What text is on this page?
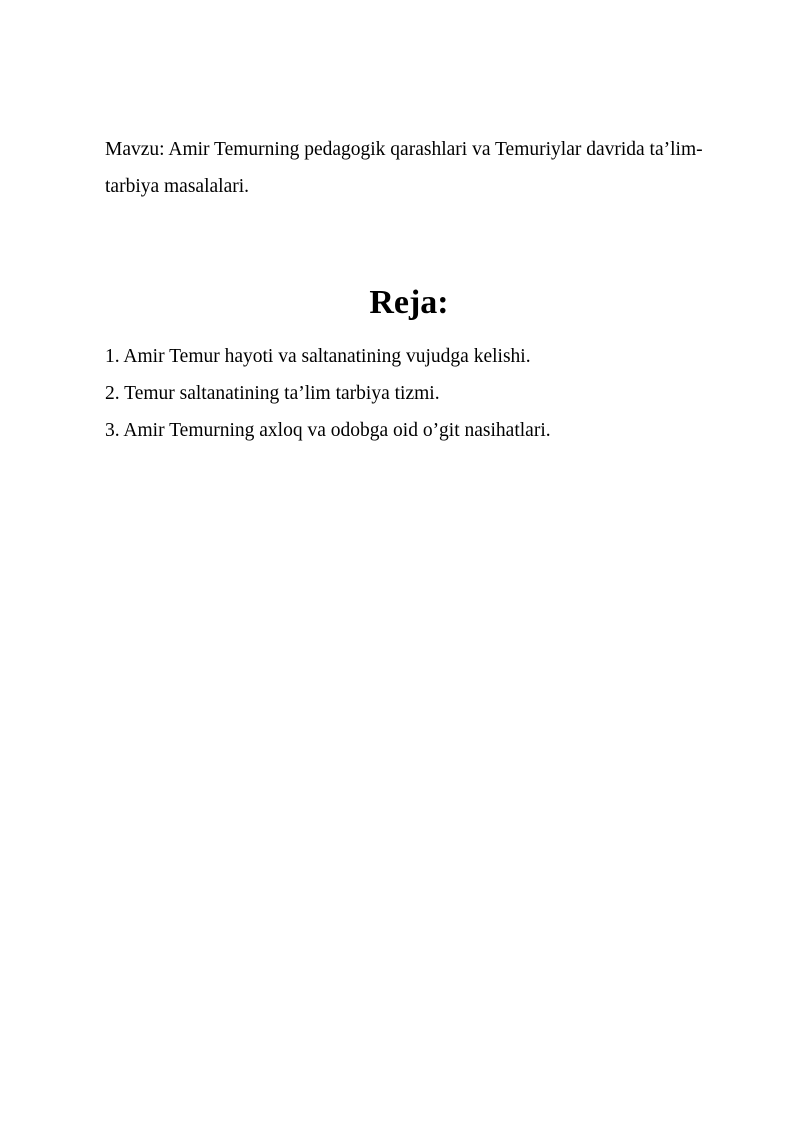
Mavzu: Amir Temurning pedagogik qarashlari va Temuriylar davrida ta’lim-tarbiya masalalari.

Reja:
1. Amir Temur hayoti va saltanatining vujudga kelishi.
2. Temur saltanatining ta’lim tarbiya tizmi.
3. Amir Temurning axloq va odobga oid o’git nasihatlari.
